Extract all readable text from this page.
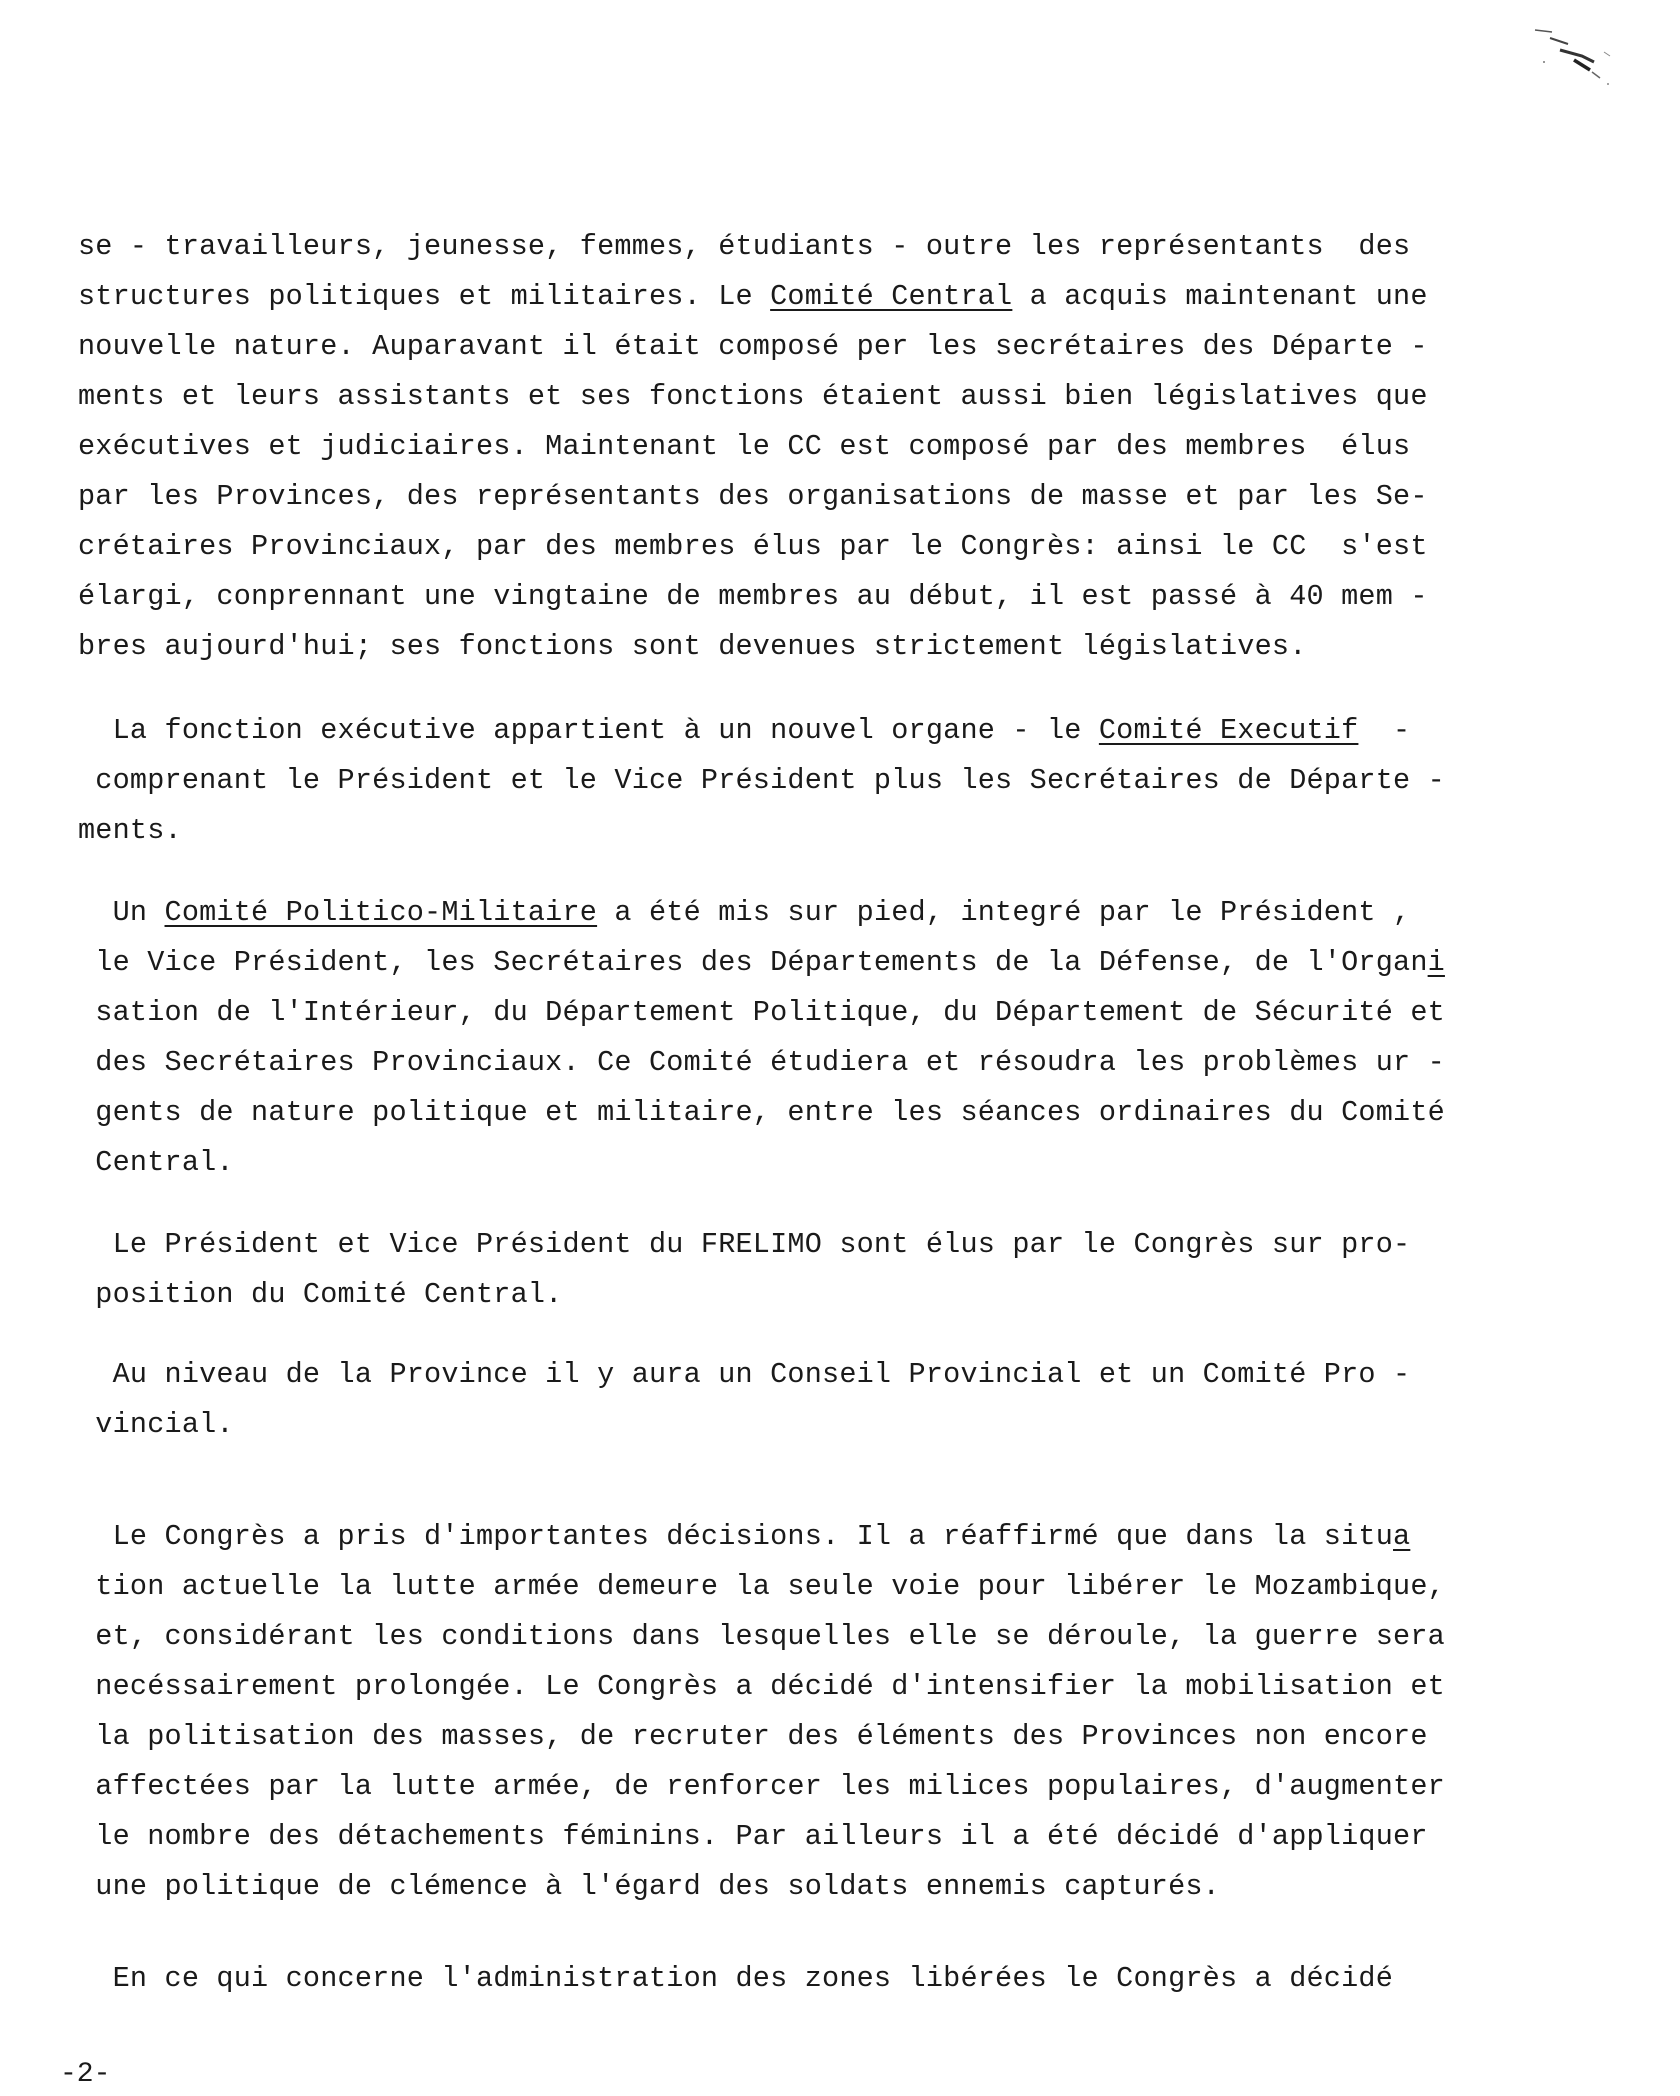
se - travailleurs, jeunesse, femmes, étudiants - outre les représentants  des
structures politiques et militaires. Le Comité Central a acquis maintenant une
nouvelle nature. Auparavant il était composé per les secrétaires des Départe -
ments et leurs assistants et ses fonctions étaient aussi bien législatives que
exécutives et judiciaires. Maintenant le CC est composé par des membres  élus
par les Provinces, des représentants des organisations de masse et par les Se-
crétaires Provinciaux, par des membres élus par le Congrès: ainsi le CC  s'est
élargi, conprennant une vingtaine de membres au début, il est passé à 40 mem -
bres aujourd'hui; ses fonctions sont devenues strictement législatives.
La fonction exécutive appartient à un nouvel organe - le Comité Executif  -
comprenant le Président et le Vice Président plus les Secrétaires de Départe -
ments.
Un Comité Politico-Militaire a été mis sur pied, integré par le Président ,
le Vice Président, les Secrétaires des Départements de la Défense, de l'Organi
sation de l'Intérieur, du Département Politique, du Département de Sécurité et
des Secrétaires Provinciaux. Ce Comité étudiera et résoudra les problèmes ur -
gents de nature politique et militaire, entre les séances ordinaires du Comité
Central.
Le Président et Vice Président du FRELIMO sont élus par le Congrès sur pro-
position du Comité Central.
Au niveau de la Province il y aura un Conseil Provincial et un Comité Pro -
vincial.
Le Congrès a pris d'importantes décisions. Il a réaffirmé que dans la situa
tion actuelle la lutte armée demeure la seule voie pour libérer le Mozambique,
et, considérant les conditions dans lesquelles elle se déroule, la guerre sera
necéssairement prolongée. Le Congrès a décidé d'intensifier la mobilisation et
la politisation des masses, de recruter des éléments des Provinces non encore
affectées par la lutte armée, de renforcer les milices populaires, d'augmenter
le nombre des détachements féminins. Par ailleurs il a été décidé d'appliquer
une politique de clémence à l'égard des soldats ennemis capturés.
En ce qui concerne l'administration des zones libérées le Congrès a décidé
-2-
